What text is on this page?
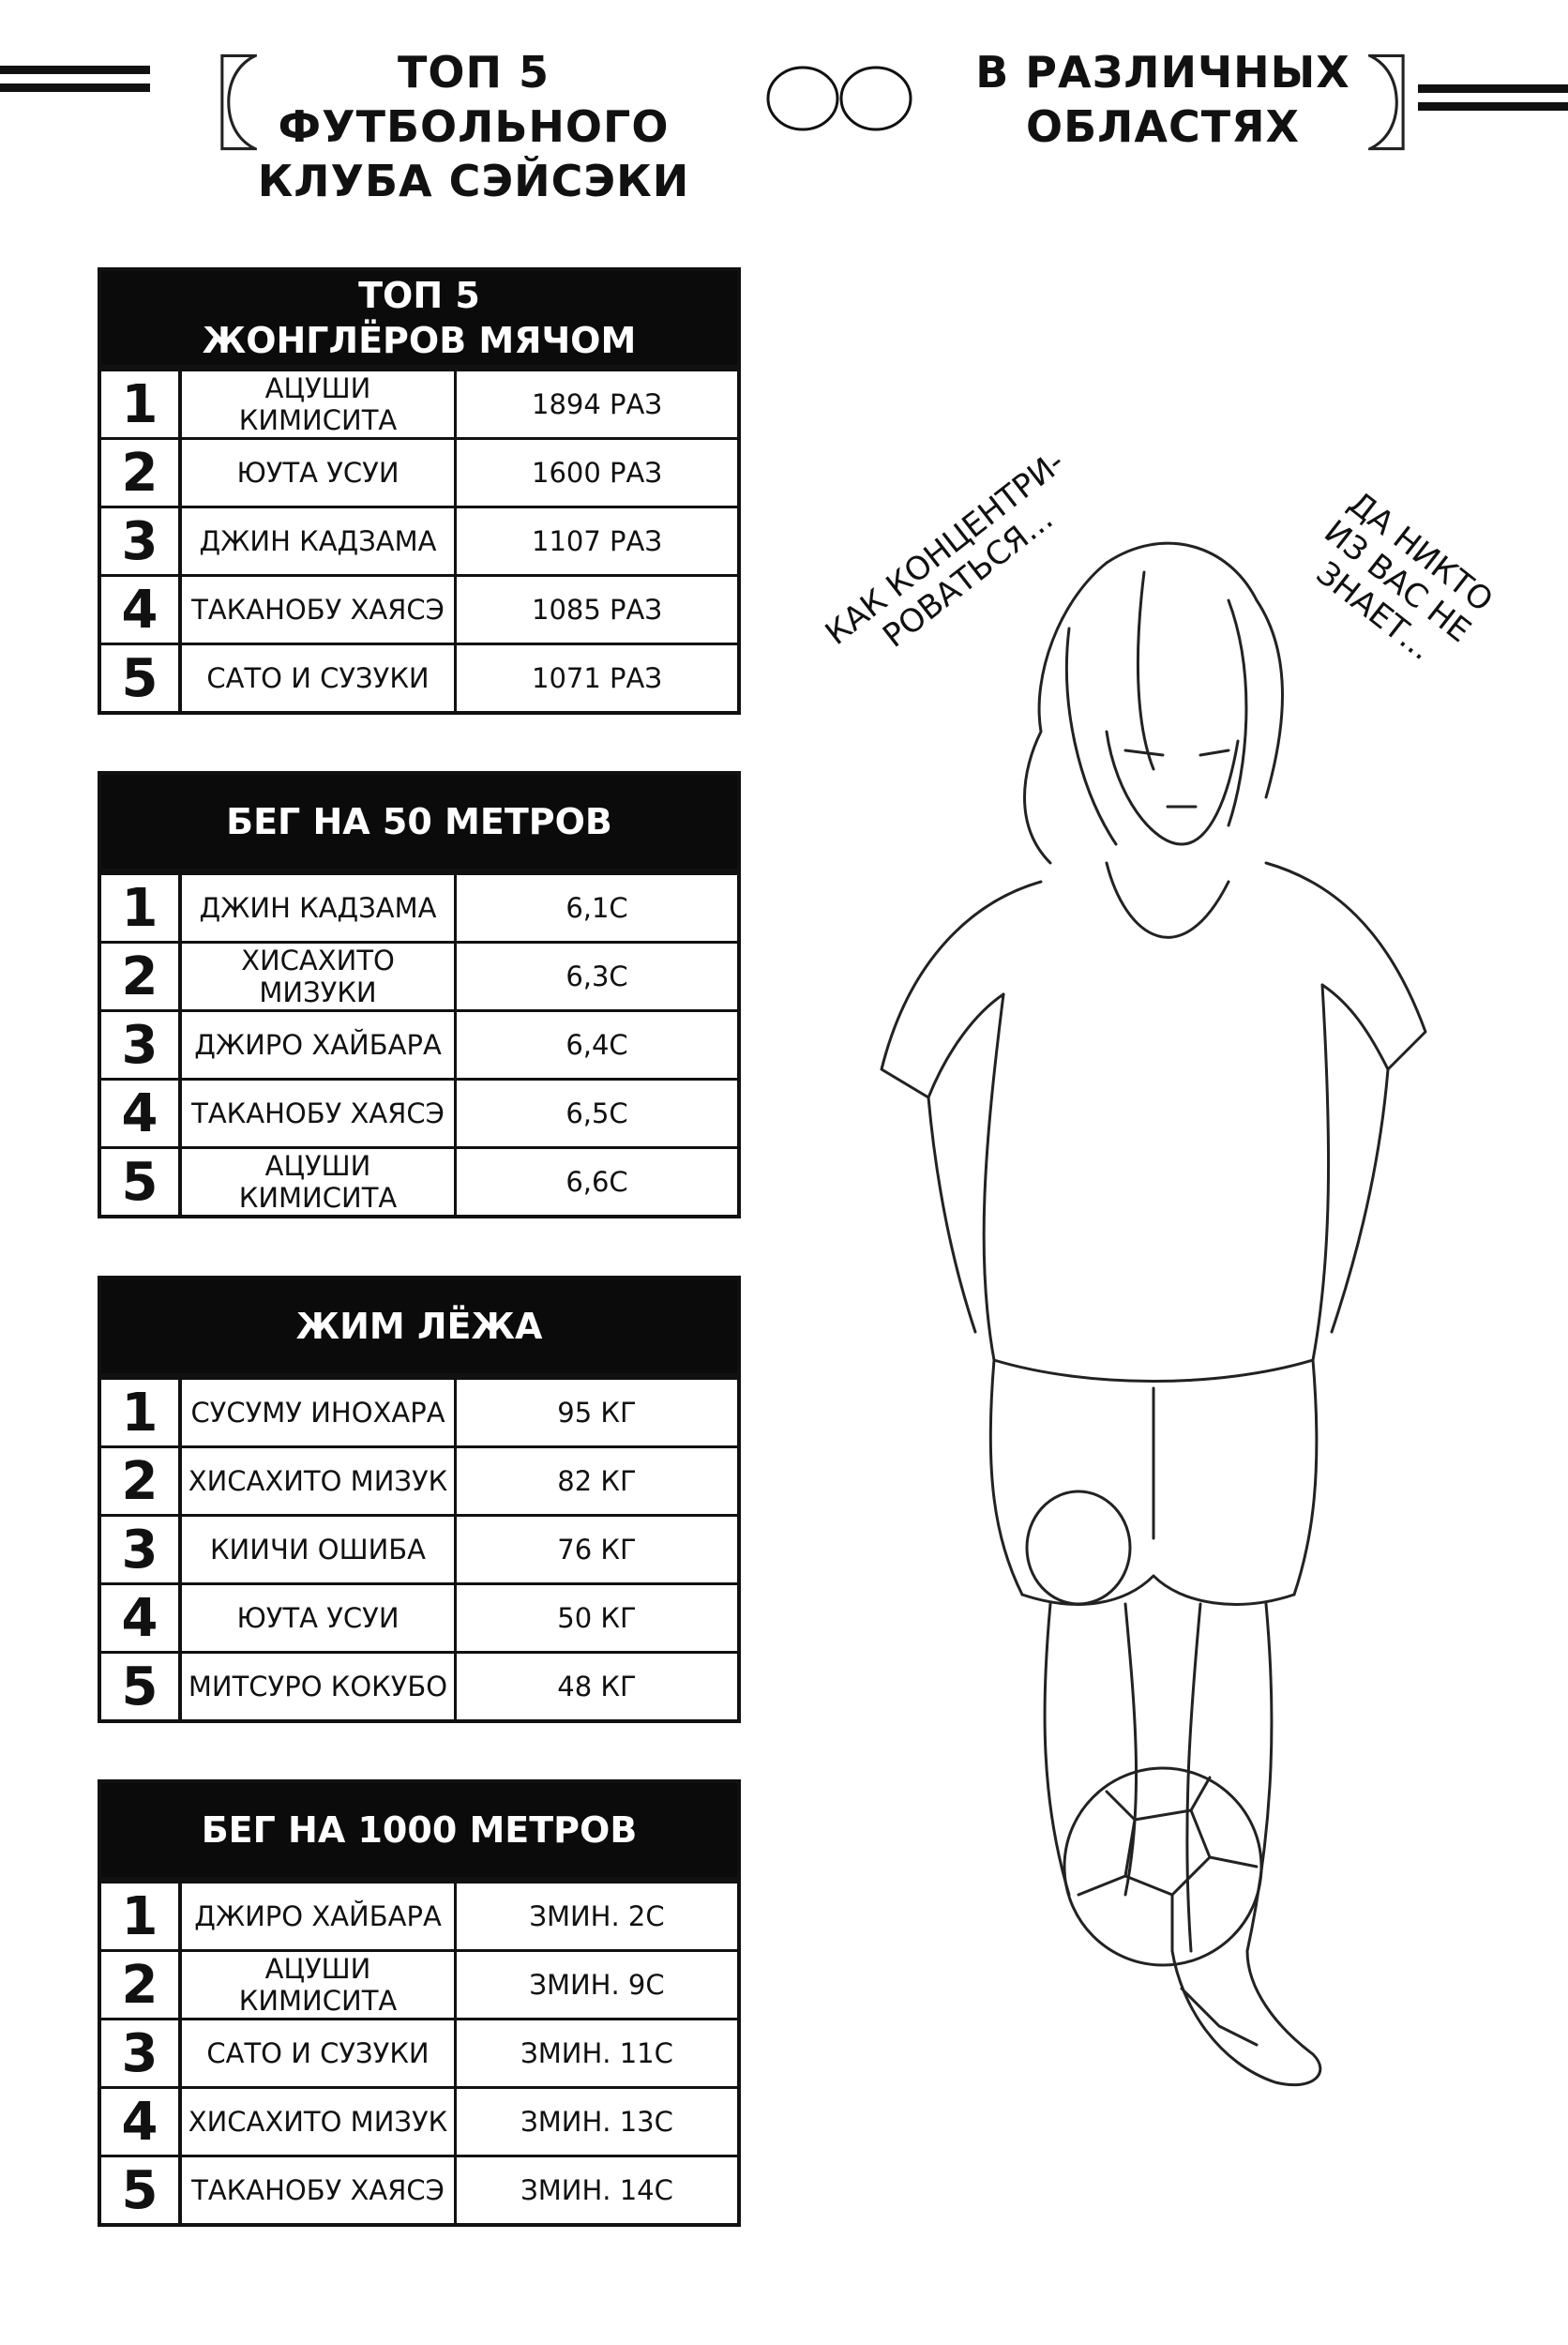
〖	〗
ТОП 5 ФУТБОЛЬНОГО
КЛУБА СЭЙСЭКИ
В РАЗЛИЧНЫХ
ОБЛАСТЯХ
ТОП 5
ЖОНГЛЁРОВ МЯЧОМ
1	АЦУШИ КИМИСИТА	1894 РАЗ
2	ЮУТА УСУИ	1600 РАЗ
3	ДЖИН КАДЗАМА	1107 РАЗ
4	ТАКАНОБУ ХАЯСЭ	1085 РАЗ
5	САТО И СУЗУКИ	1071 РАЗ
БЕГ НА 50 МЕТРОВ
1	ДЖИН КАДЗАМА	6,1С
2	ХИСАХИТО МИЗУКИ	6,3С
3	ДЖИРО ХАЙБАРА	6,4С
4	ТАКАНОБУ ХАЯСЭ	6,5С
5	АЦУШИ КИМИСИТА	6,6С
ЖИМ ЛЁЖА
1	СУСУМУ ИНОХАРА	95 КГ
2	ХИСАХИТО МИЗУК	82 КГ
3	КИИЧИ ОШИБА	76 КГ
4	ЮУТА УСУИ	50 КГ
5	МИТСУРО КОКУБО	48 КГ
БЕГ НА 1000 МЕТРОВ
1	ДЖИРО ХАЙБАРА	ЗМИН. 2С
2	АЦУШИ КИМИСИТА	ЗМИН. 9С
3	САТО И СУЗУКИ	ЗМИН. 11С
4	ХИСАХИТО МИЗУК	ЗМИН. 13С
5	ТАКАНОБУ ХАЯСЭ	ЗМИН. 14С
КАК КОНЦЕНТРИ-
РОВАТЬСЯ...	ДА НИКТО
ИЗ ВАС НЕ
ЗНАЕТ...
